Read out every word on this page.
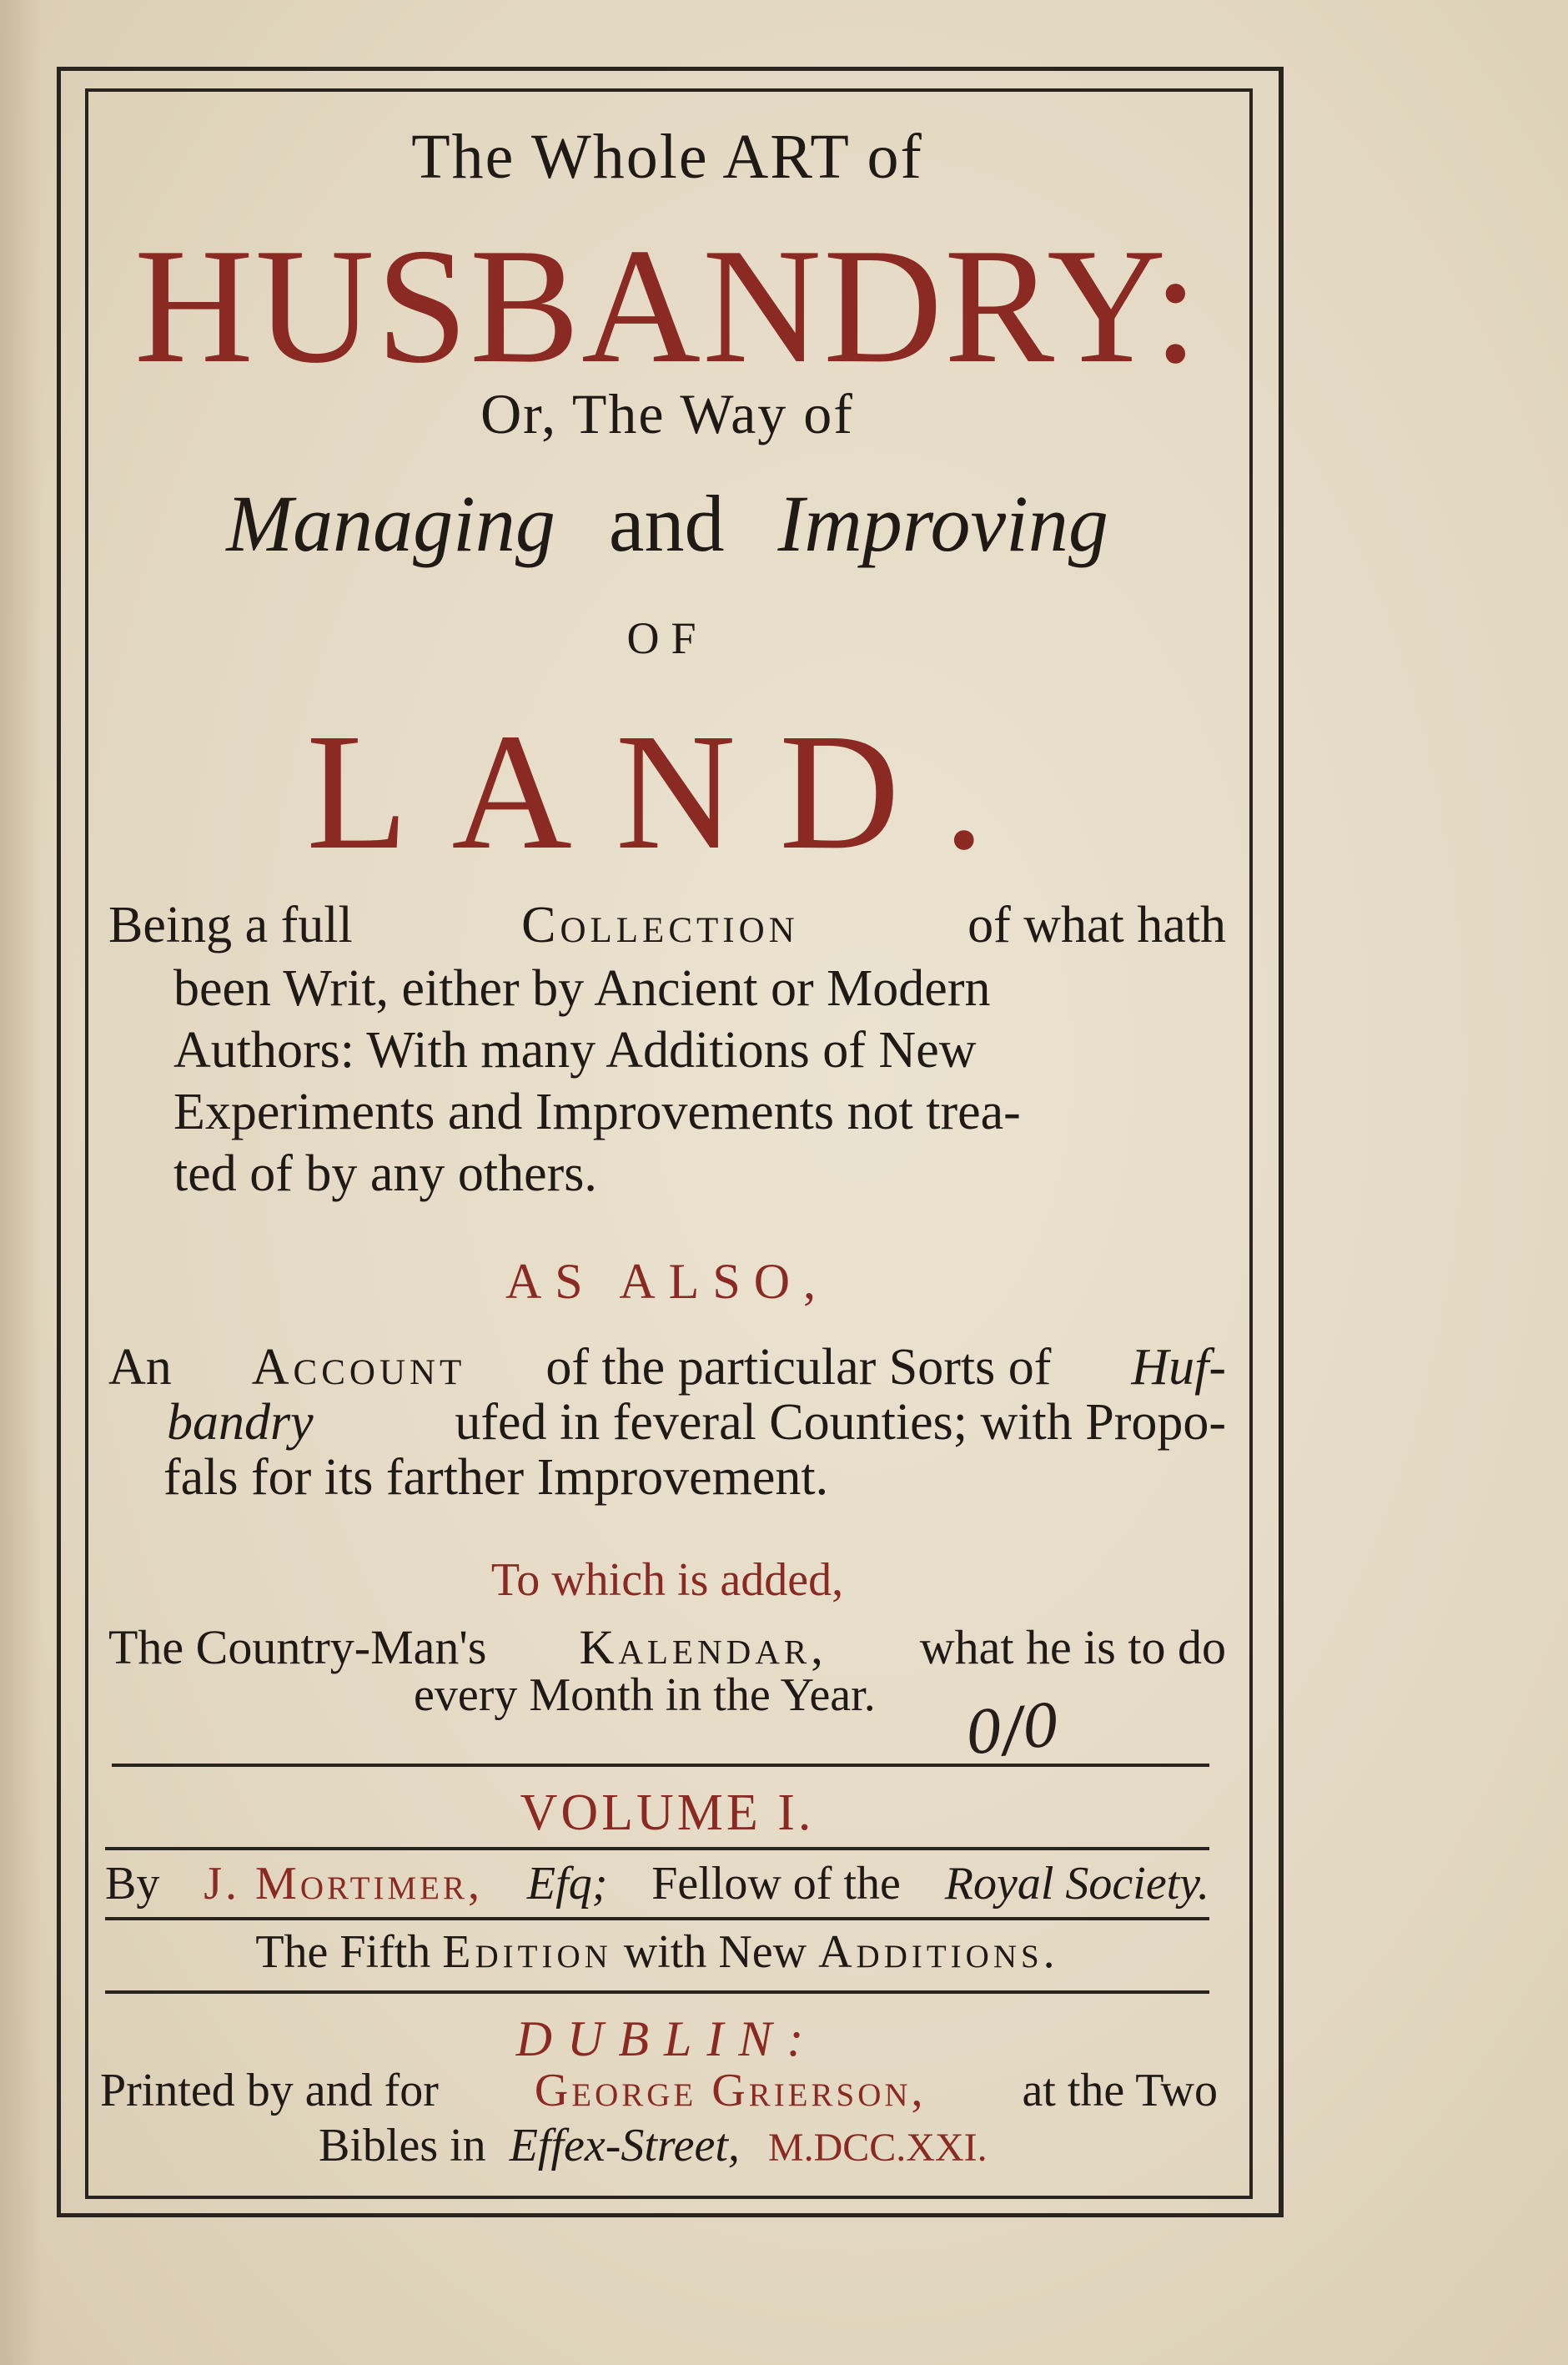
The Whole ART of
HUSBANDRY:
Or, The Way of
Managing and Improving
OF
LAND.
Being a full	Collection	of what hath
been Writ, either by Ancient or Modern
Authors: With many Additions of New
Experiments and Improvements not trea-
ted of by any others.
AS ALSO,
An Account of the particular Sorts of Huf-
bandry	ufed in feveral Counties; with Propo-
fals for its farther Improvement.
To which is added,
The Country-Man's Kalendar, what he is to do
every Month in the Year. 0/0
VOLUME I.
By J. Mortimer, Efq; Fellow of the Royal Society.
The Fifth Edition with New Additions.
DUBLIN:
Printed by and for George Grierson, at the Two
Bibles in Effex-Street, M.DCC.XXI.
